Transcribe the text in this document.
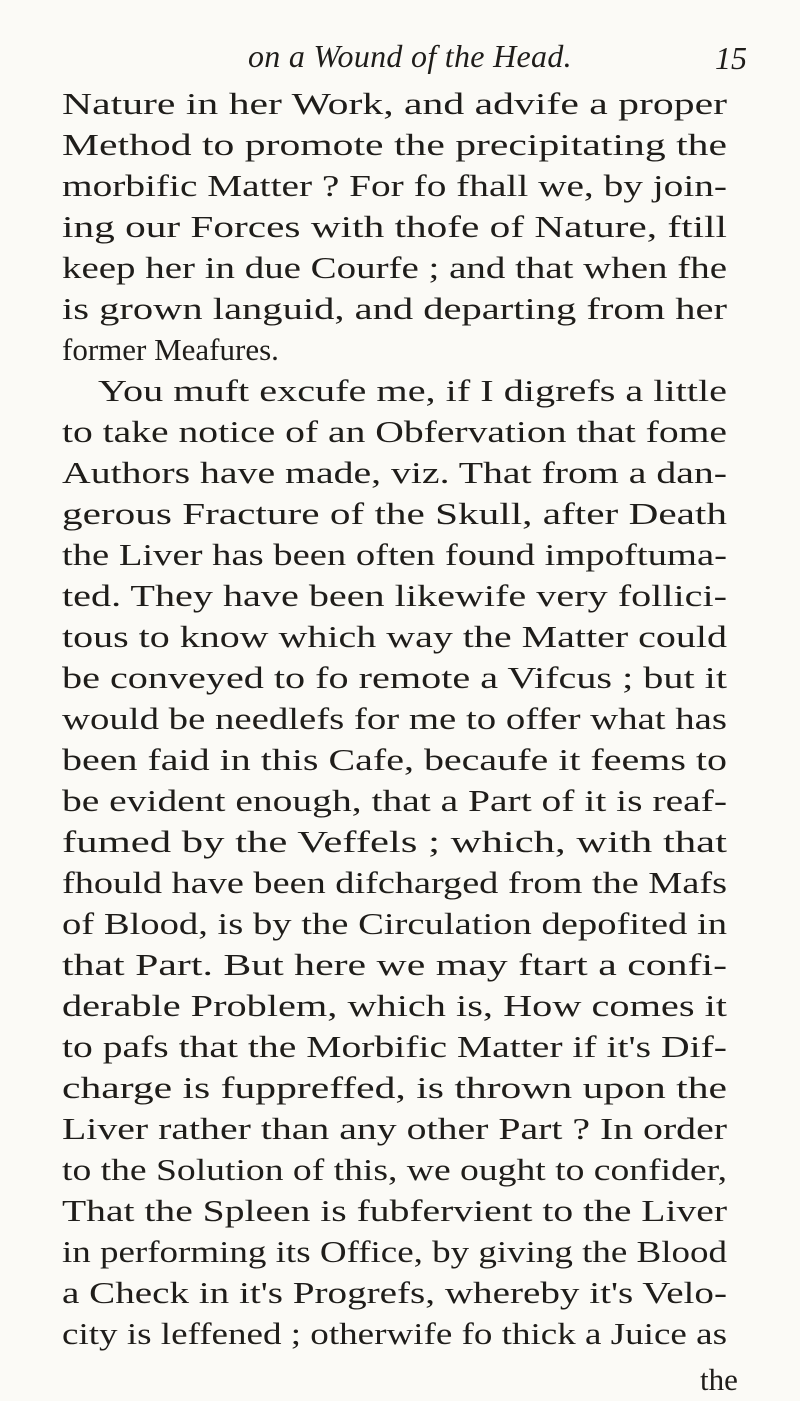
on a Wound of the Head.	15
Nature in her Work, and advife a proper
Method to promote the precipitating the
morbific Matter ? For fo fhall we, by join-
ing our Forces with thofe of Nature, ftill
keep her in due Courfe ; and that when fhe
is grown languid, and departing from her
former Meafures.
You muft excufe me, if I digrefs a little
to take notice of an Obfervation that fome
Authors have made, viz. That from a dan-
gerous Fracture of the Skull, after Death
the Liver has been often found impoftuma-
ted. They have been likewife very follici-
tous to know which way the Matter could
be conveyed to fo remote a Vifcus ; but it
would be needlefs for me to offer what has
been faid in this Cafe, becaufe it feems to
be evident enough, that a Part of it is reaf-
fumed by the Veffels ; which, with that
fhould have been difcharged from the Mafs
of Blood, is by the Circulation depofited in
that Part. But here we may ftart a confi-
derable Problem, which is, How comes it
to pafs that the Morbific Matter if it's Dif-
charge is fuppreffed, is thrown upon the
Liver rather than any other Part ? In order
to the Solution of this, we ought to confider,
That the Spleen is fubfervient to the Liver
in performing its Office, by giving the Blood
a Check in it's Progrefs, whereby it's Velo-
city is leffened ; otherwife fo thick a Juice as
the
